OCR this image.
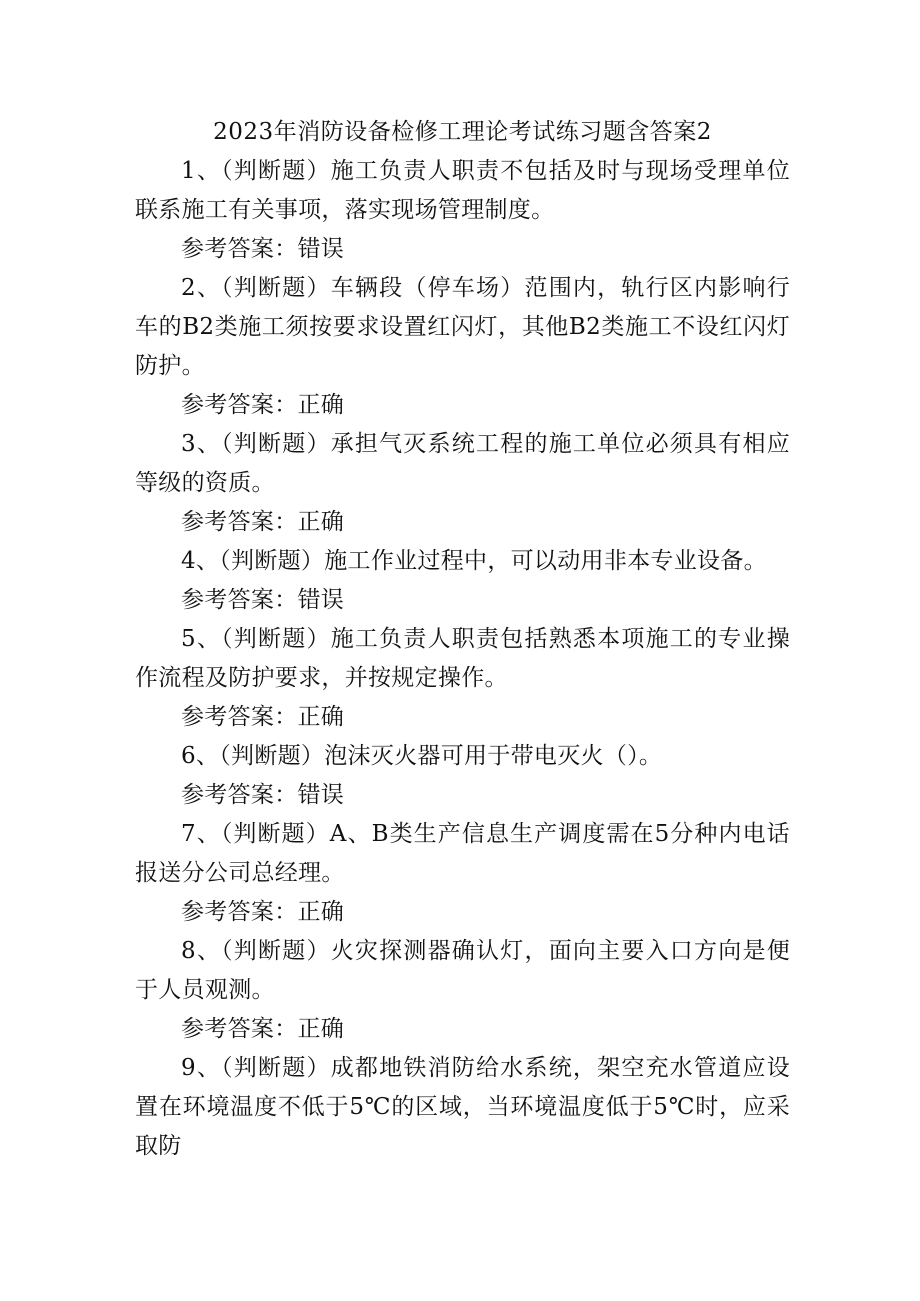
2023年消防设备检修工理论考试练习题含答案2

1、（判断题）施工负责人职责不包括及时与现场受理单位联系施工有关事项，落实现场管理制度。

参考答案：错误

2、（判断题）车辆段（停车场）范围内，轨行区内影响行车的B2类施工须按要求设置红闪灯，其他B2类施工不设红闪灯防护。

参考答案：正确

3、（判断题）承担气灭系统工程的施工单位必须具有相应等级的资质。

参考答案：正确

4、（判断题）施工作业过程中，可以动用非本专业设备。

参考答案：错误

5、（判断题）施工负责人职责包括熟悉本项施工的专业操作流程及防护要求，并按规定操作。

参考答案：正确

6、（判断题）泡沫灭火器可用于带电灭火（）。

参考答案：错误

7、（判断题）A、B类生产信息生产调度需在5分种内电话报送分公司总经理。

参考答案：正确

8、（判断题）火灾探测器确认灯，面向主要入口方向是便于人员观测。

参考答案：正确

9、（判断题）成都地铁消防给水系统，架空充水管道应设置在环境温度不低于5℃的区域，当环境温度低于5℃时，应采取防
